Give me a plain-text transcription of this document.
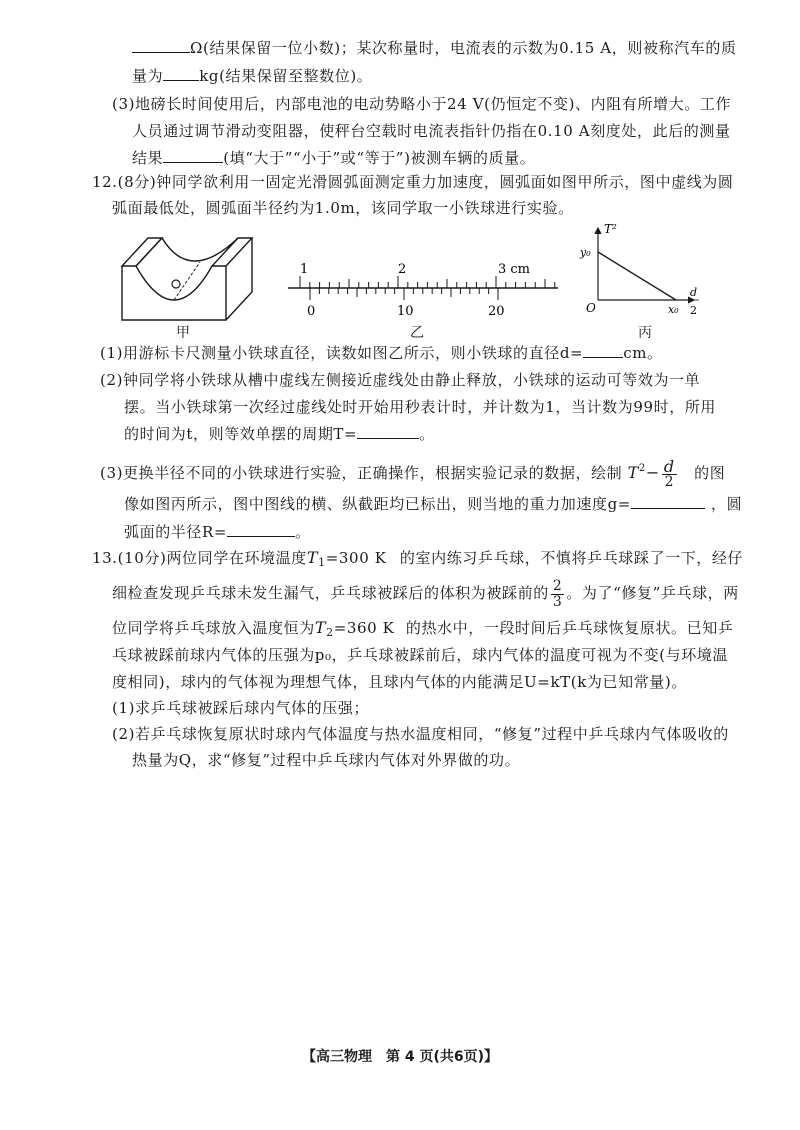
Ω(结果保留一位小数)；某次称量时，电流表的示数为0.15 A，则被称汽车的质
量为 kg(结果保留至整数位)。
(3)地磅长时间使用后，内部电池的电动势略小于24 V(仍恒定不变)、内阻有所增大。工作
人员通过调节滑动变阻器，使秤台空载时电流表指针仍指在0.10 A刻度处，此后的测量
结果	(填“大于”“小于”或“等于”)被测车辆的质量。
12.(8分)钟同学欲利用一固定光滑圆弧面测定重力加速度，圆弧面如图甲所示，图中虚线为圆
弧面最低处，圆弧面半径约为1.0m，该同学取一小铁球进行实验。
甲
1	2	3 cm
0	10	20
乙
T²
y₀
O	x₀
d
2
丙
(1)用游标卡尺测量小铁球直径，读数如图乙所示，则小铁球的直径d=	cm。
(2)钟同学将小铁球从槽中虚线左侧接近虚线处由静止释放，小铁球的运动可等效为一单
摆。当小铁球第一次经过虚线处时开始用秒表计时，并计数为1，当计数为99时，所用
的时间为t，则等效单摆的周期T=	。
(3)更换半径不同的小铁球进行实验，正确操作，根据实验记录的数据，绘制 $T^2- \frac{d}{2}$ 的图
像如图丙所示，图中图线的横、纵截距均已标出，则当地的重力加速度g=	，圆
弧面的半径R=	。
13.(10分)两位同学在环境温度$T_1=300$ K 的室内练习乒乓球，不慎将乒乓球踩了一下，经仔
细检查发现乒乓球未发生漏气，乒乓球被踩后的体积为被踩前的 $\frac{2}{3}$ 。为了“修复”乒乓球，两
位同学将乒乓球放入温度恒为$T_2=360$ K 的热水中，一段时间后乒乓球恢复原状。已知乒
乓球被踩前球内气体的压强为p₀，乒乓球被踩前后，球内气体的温度可视为不变(与环境温
度相同)，球内的气体视为理想气体，且球内气体的内能满足U=kT(k为已知常量)。
(1)求乒乓球被踩后球内气体的压强；
(2)若乒乓球恢复原状时球内气体温度与热水温度相同，“修复”过程中乒乓球内气体吸收的
热量为Q，求“修复”过程中乒乓球内气体对外界做的功。
【高三物理　第 4 页(共6页)】
